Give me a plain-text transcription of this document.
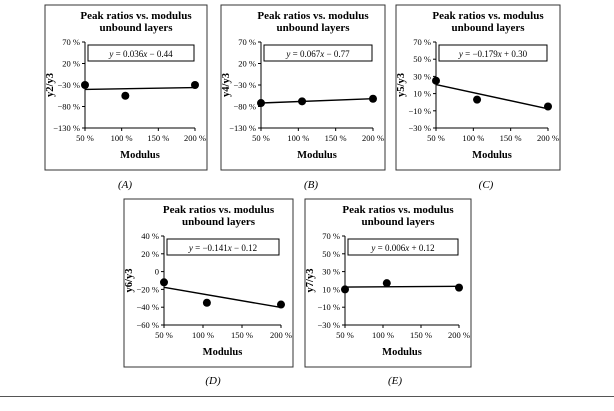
Peak ratios vs. modulus
unbound layers
70 %
20 %
−30 %
−80 %
−130 %
50 % 100 % 150 % 200 %
Modulus
y2/y3
y = 0.036x − 0.44
(A)
Peak ratios vs. modulus
unbound layers
70 %
20 %
−30 %
−80 %
−130 %
50 % 100 % 150 % 200 %
Modulus
y4/y3
y = 0.067x − 0.77
(B)
Peak ratios vs. modulus
unbound layers
70 %
50 %
30 %
10 %
−10 %
−30 %
50 % 100 % 150 % 200 %
Modulus
y5/y3
y = −0.179x + 0.30
(C)
Peak ratios vs. modulus
unbound layers
40 %
20 %
0
−20 %
−40 %
−60 %
50 % 100 % 150 % 200 %
Modulus
y6/y3
y = −0.141x − 0.12
(D)
Peak ratios vs. modulus
unbound layers
70 %
50 %
30 %
10 %
−10 %
−30 %
50 % 100 % 150 % 200 %
Modulus
y7/y3
y = 0.006x + 0.12
(E)
